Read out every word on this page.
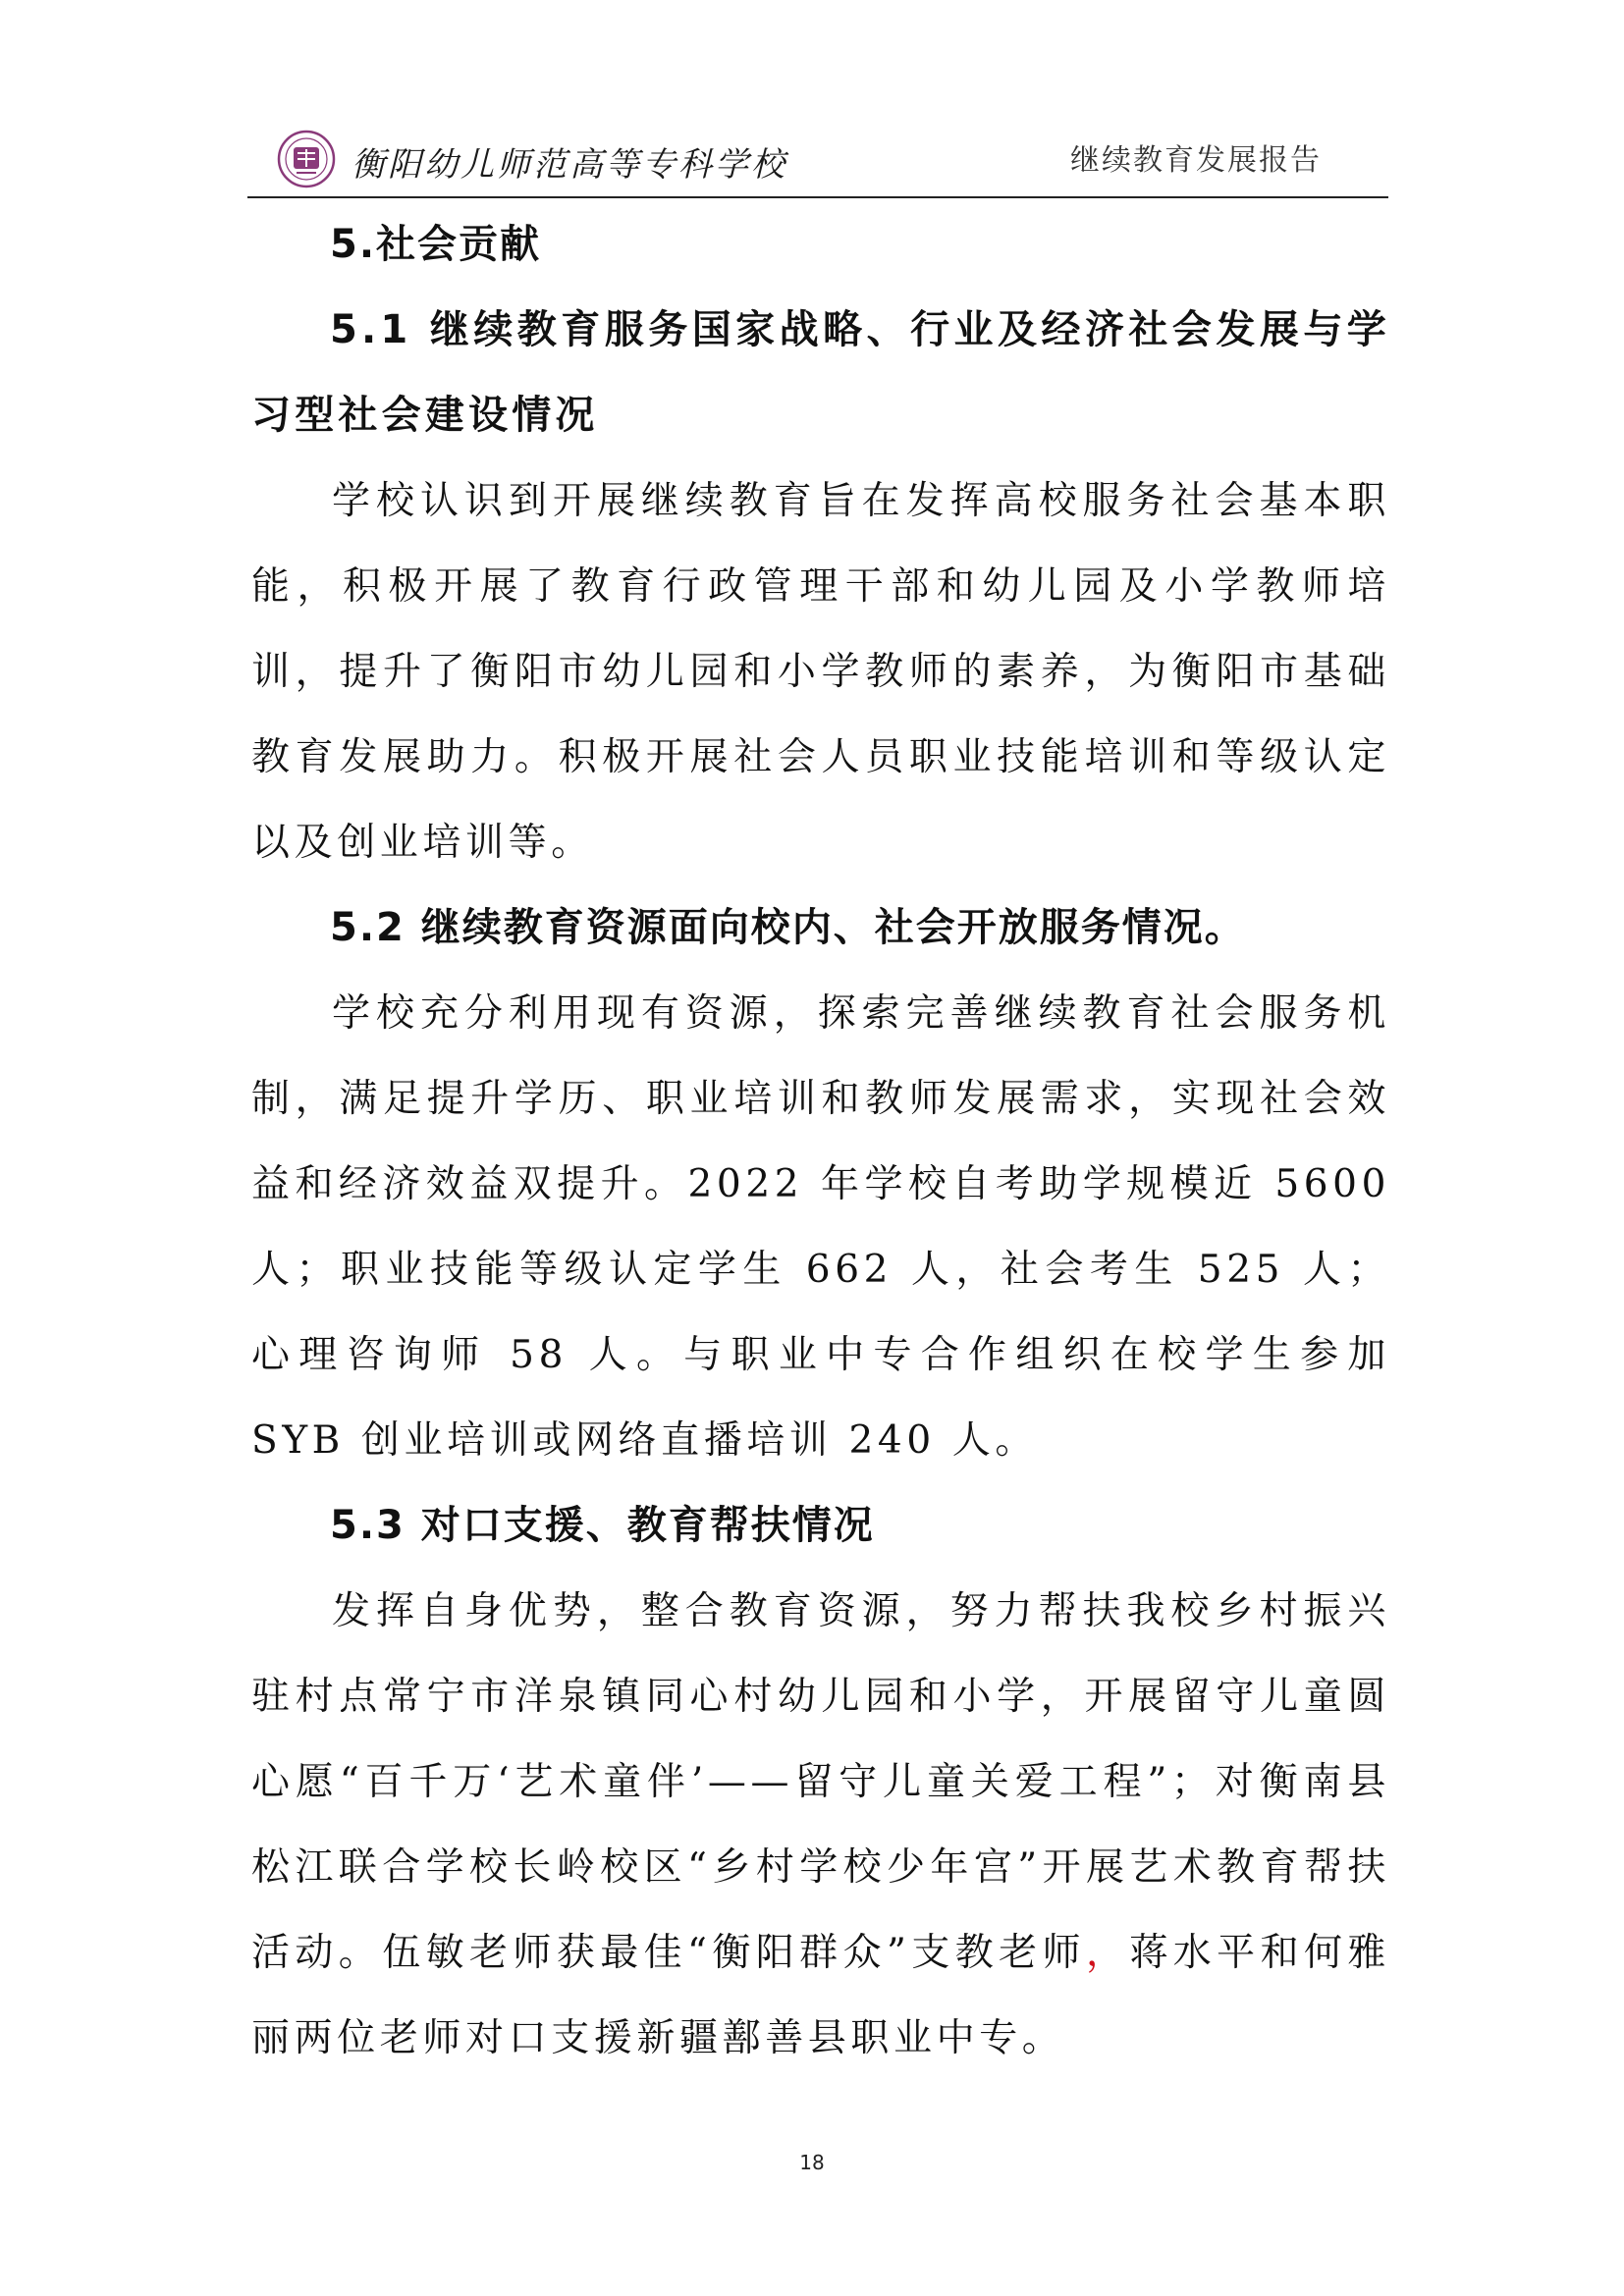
衡阳幼儿师范高等专科学校	继续教育发展报告

5.社会贡献

5.1 继续教育服务国家战略、行业及经济社会发展与学习型社会建设情况

学校认识到开展继续教育旨在发挥高校服务社会基本职能，积极开展了教育行政管理干部和幼儿园及小学教师培训，提升了衡阳市幼儿园和小学教师的素养，为衡阳市基础教育发展助力。积极开展社会人员职业技能培训和等级认定以及创业培训等。

5.2 继续教育资源面向校内、社会开放服务情况。

学校充分利用现有资源，探索完善继续教育社会服务机制，满足提升学历、职业培训和教师发展需求，实现社会效益和经济效益双提升。2022 年学校自考助学规模近 5600 人；职业技能等级认定学生 662 人，社会考生 525 人；心理咨询师 58 人。与职业中专合作组织在校学生参加 SYB 创业培训或网络直播培训 240 人。

5.3 对口支援、教育帮扶情况

发挥自身优势，整合教育资源，努力帮扶我校乡村振兴驻村点常宁市洋泉镇同心村幼儿园和小学，开展留守儿童圆心愿“百千万‘艺术童伴’——留守儿童关爱工程”；对衡南县松江联合学校长岭校区“乡村学校少年宫”开展艺术教育帮扶活动。伍敏老师获最佳“衡阳群众”支教老师，蒋水平和何雅丽两位老师对口支援新疆鄯善县职业中专。

18
